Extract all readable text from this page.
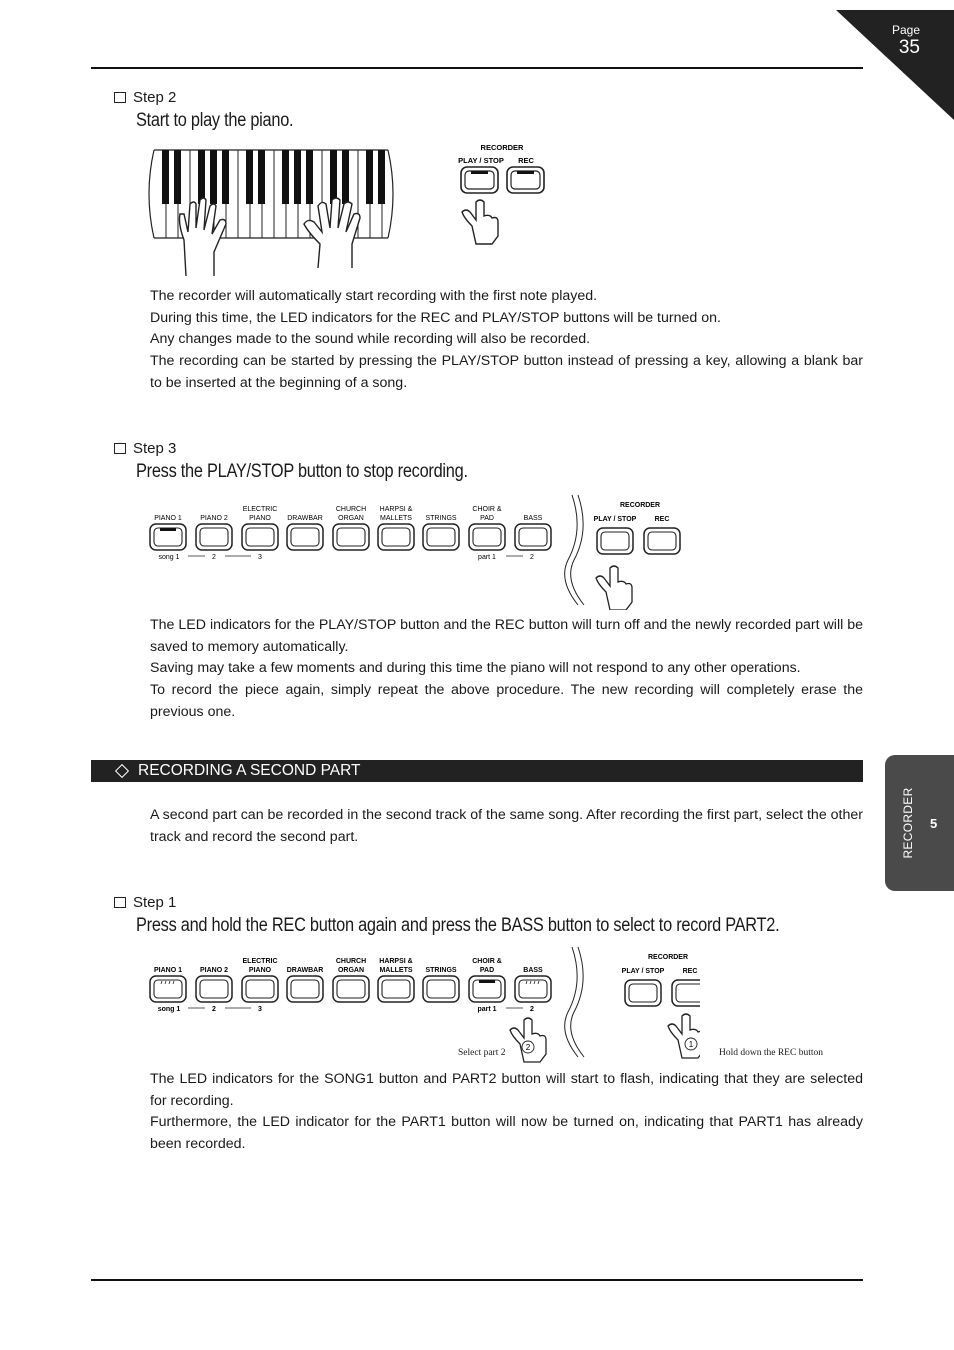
Page
35
RECORDER 5
Step 2
Start to play the piano.
RECORDER
PLAY / STOP REC

The recorder will automatically start recording with the first note played.

During this time, the LED indicators for the REC and PLAY/STOP buttons will be turned on.

Any changes made to the sound while recording will also be recorded.

The recording can be started by pressing the PLAY/STOP button instead of pressing a key, allowing a blank bar to be inserted at the beginning of a song.

Step 3
Press the PLAY/STOP button to stop recording.
PIANO 1	PIANO 2
ELECTRIC
PIANO DRAWBAR
CHURCH
ORGAN
HARPSI &
MALLETS STRINGS
CHOIR &
PAD	BASS
song 1	2	3	part 1	2
RECORDER
PLAY / STOP	REC

The LED indicators for the PLAY/STOP button and the REC button will turn off and the newly recorded part will be saved to memory automatically.

Saving may take a few moments and during this time the piano will not respond to any other operations.

To record the piece again, simply repeat the above procedure. The new recording will completely erase the previous one.

RECORDING A SECOND PART

A second part can be recorded in the second track of the same song. After recording the first part, select the other track and record the second part.

Step 1
Press and hold the REC button again and press the BASS button to select to record PART2.
PIANO 1	PIANO 2
ELECTRIC
PIANO DRAWBAR
CHURCH
ORGAN
HARPSI &
MALLETS STRINGS
CHOIR &
PAD	BASS
song 1	2	3	part 1	2
RECORDER
PLAY / STOP	REC
2	1
Select part 2	Hold down the REC button

The LED indicators for the SONG1 button and PART2 button will start to flash, indicating that they are selected for recording.

Furthermore, the LED indicator for the PART1 button will now be turned on, indicating that PART1 has already been recorded.
